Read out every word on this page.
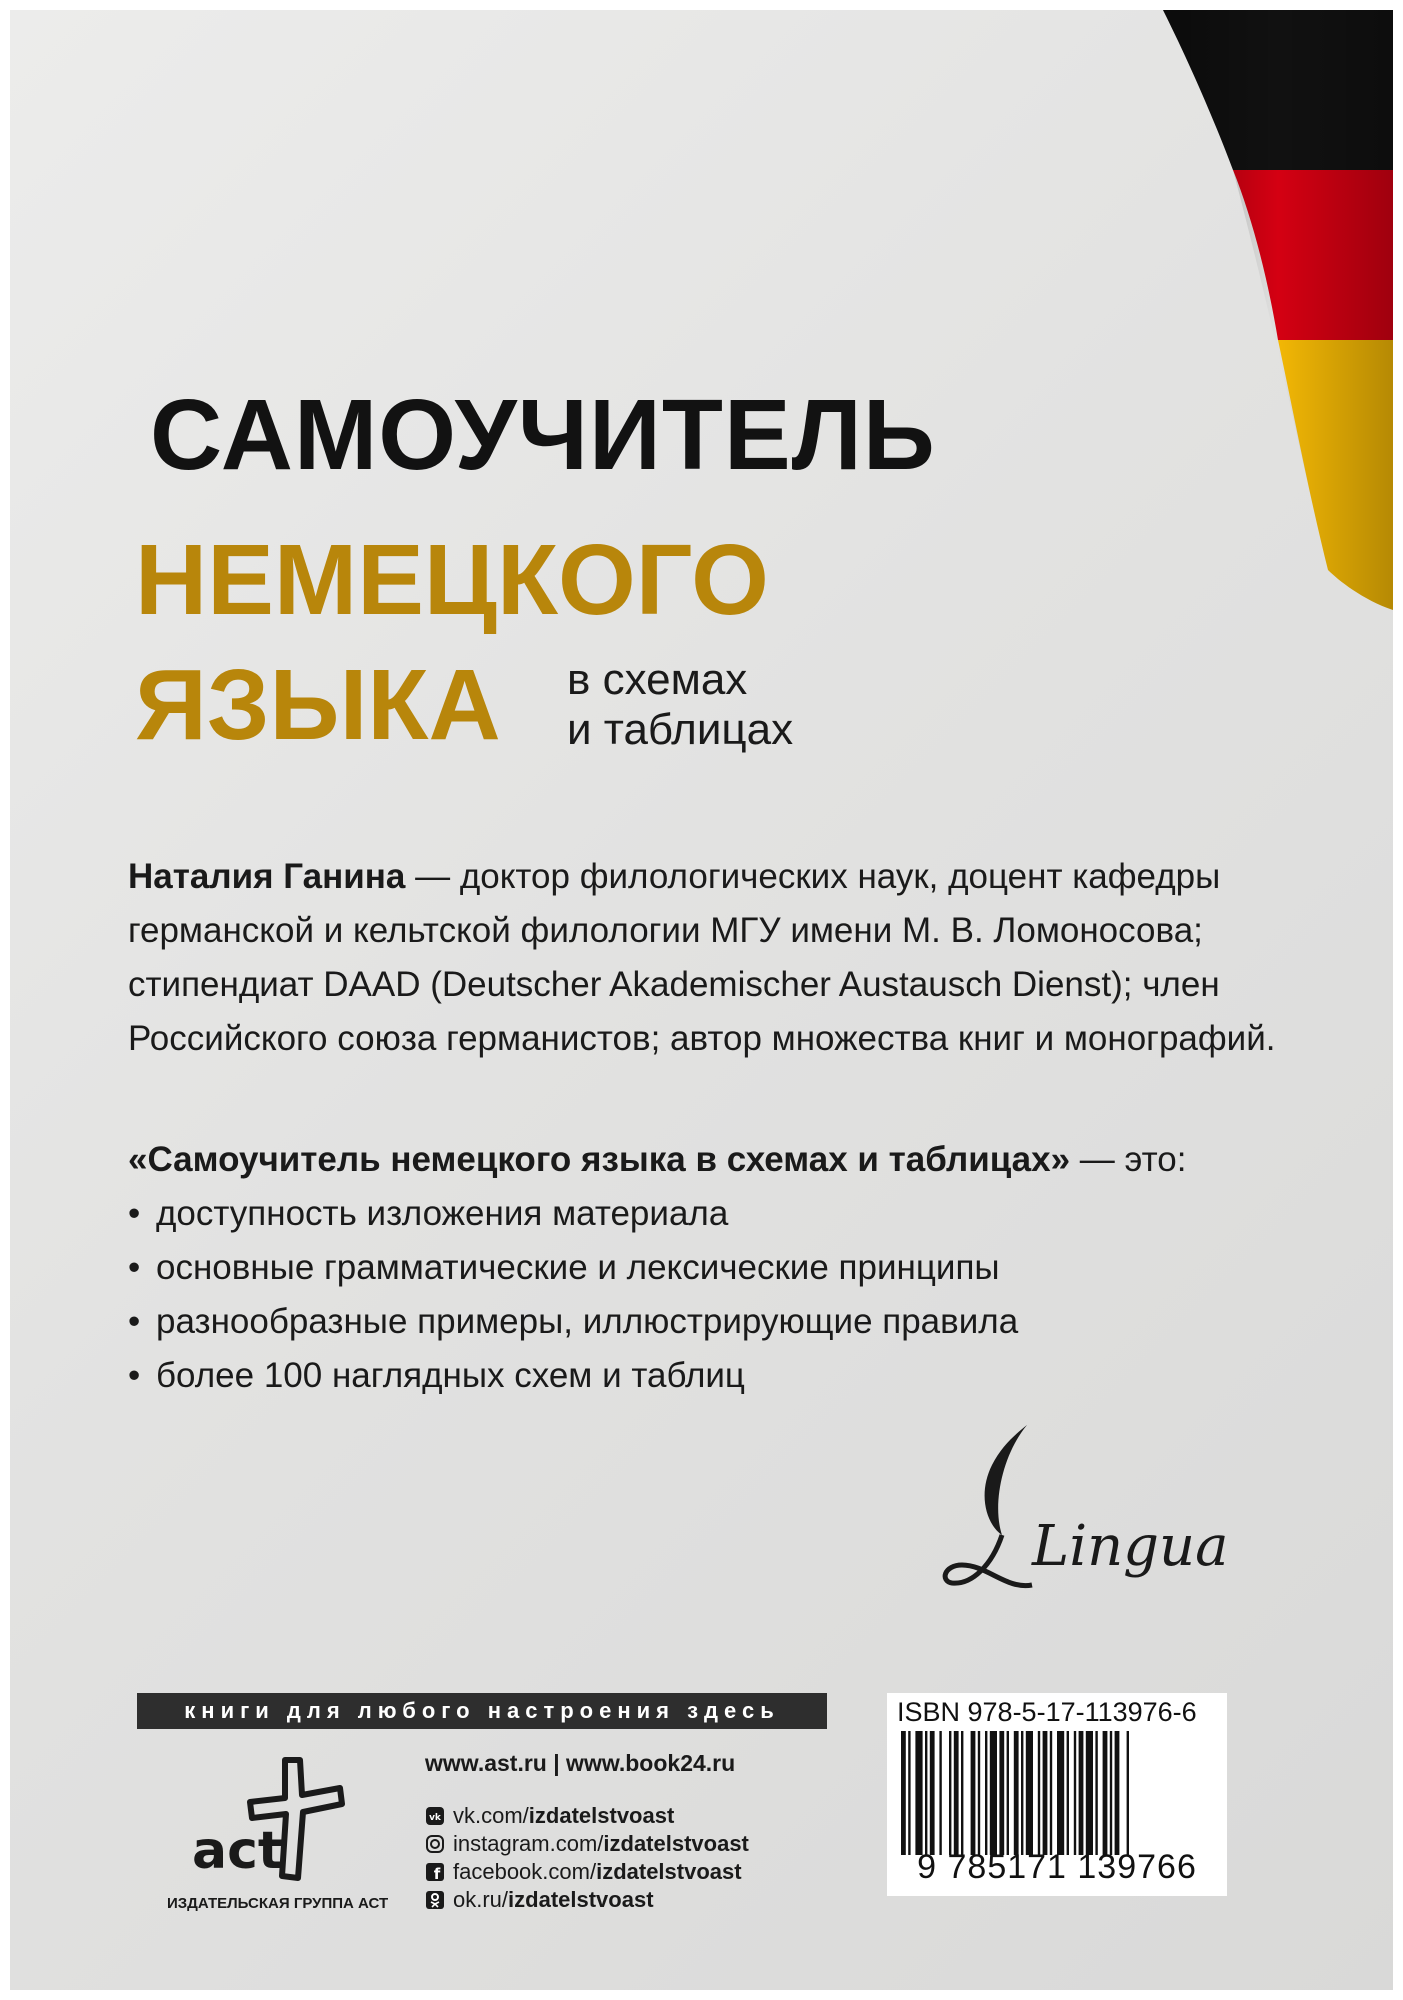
САМОУЧИТЕЛЬ
НЕМЕЦКОГО
ЯЗЫКА в схемах
и таблицах
Наталия Ганина — доктор филологических наук, доцент кафедры германской и кельтской филологии МГУ имени М. В. Ломоносова; стипендиат DAAD (Deutscher Akademischer Austausch Dienst); член Российского союза германистов; автор множества книг и монографий.
«Самоучитель немецкого языка в схемах и таблицах» — это:
• доступность изложения материала
• основные грамматические и лексические принципы
• разнообразные примеры, иллюстрирующие правила
• более 100 наглядных схем и таблиц
Lingua
книги для любого настроения здесь
act
ИЗДАТЕЛЬСКАЯ ГРУППА АСТ
www.ast.ru | www.book24.ru
vk vk.com/ izdatelstvoast
instagram.com/ izdatelstvoast
f facebook.com/ izdatelstvoast
ok.ru/ izdatelstvoast
ISBN 978-5-17-113976-6
9 785171 139766
